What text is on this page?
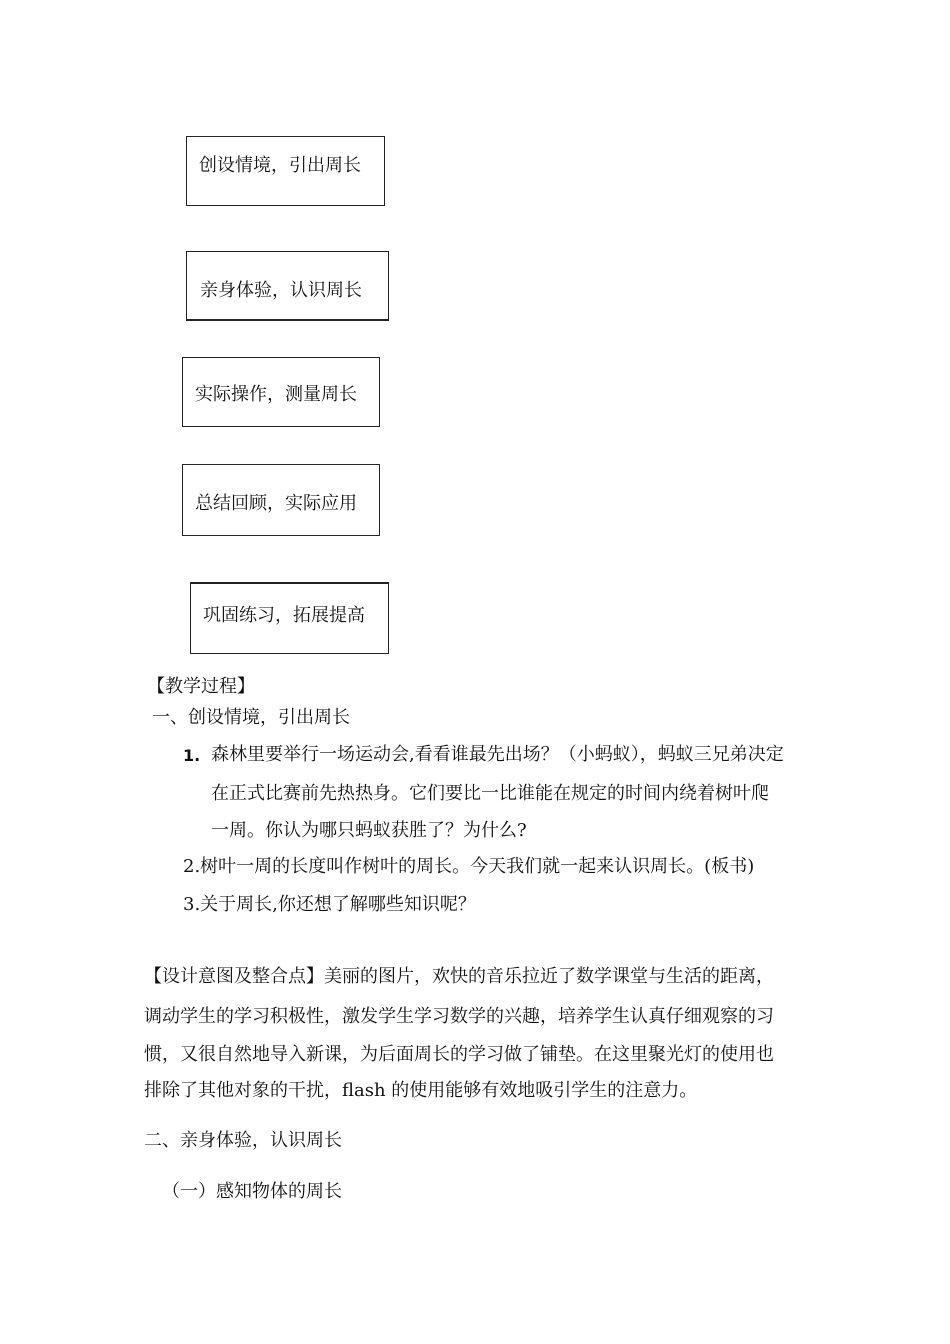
创设情境，引出周长
亲身体验，认识周长
实际操作，测量周长
总结回顾，实际应用
巩固练习，拓展提高
【教学过程】
一、创设情境，引出周长
1. 森林里要举行一场运动会,看看谁最先出场？（小蚂蚁），蚂蚁三兄弟决定
在正式比赛前先热热身。它们要比一比谁能在规定的时间内绕着树叶爬
一周。你认为哪只蚂蚁获胜了？为什么?
2.树叶一周的长度叫作树叶的周长。今天我们就一起来认识周长。(板书)
3.关于周长,你还想了解哪些知识呢？
【设计意图及整合点】美丽的图片，欢快的音乐拉近了数学课堂与生活的距离，
调动学生的学习积极性，激发学生学习数学的兴趣，培养学生认真仔细观察的习
惯，又很自然地导入新课，为后面周长的学习做了铺垫。在这里聚光灯的使用也
排除了其他对象的干扰，flash 的使用能够有效地吸引学生的注意力。
二、亲身体验，认识周长
（一）感知物体的周长
